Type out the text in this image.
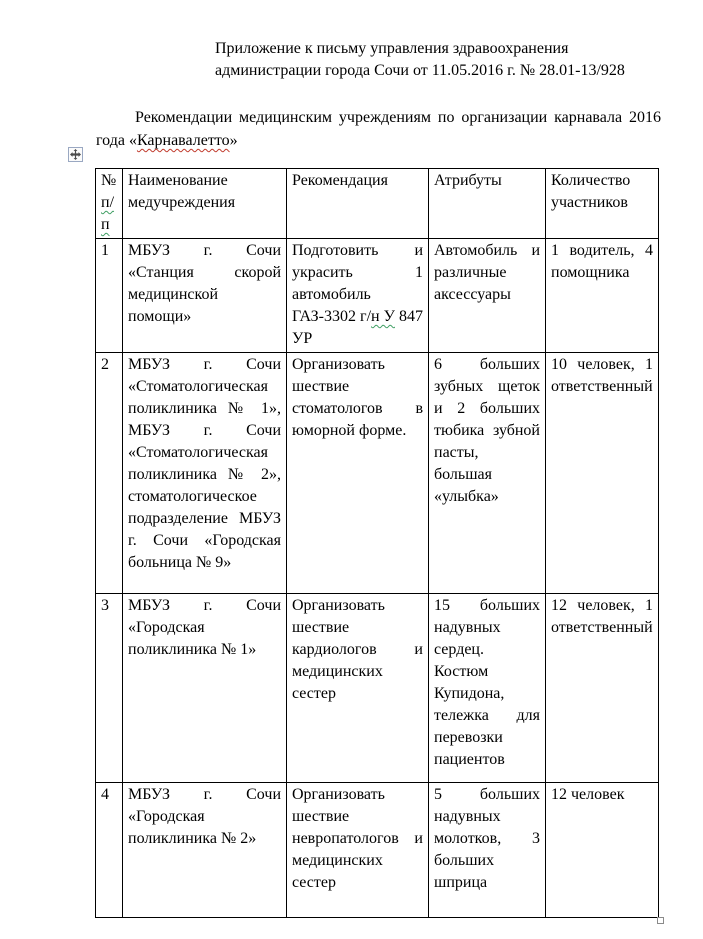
Приложение к письму управления здравоохранения
администрации города Сочи от 11.05.2016 г. № 28.01-13/928

Рекомендации медицинским учреждениям по организации карнавала 2016 года «Карнавалетто»

№ п/п	Наименование медучреждения	Рекомендация	Атрибуты	Количество участников
1	МБУЗ г. Сочи «Станция скорой медицинской помощи»	Подготовить и украсить 1 автомобиль ГАЗ-3302 г/н У 847 УР	Автомобиль и различные аксессуары	1 водитель, 4 помощника
2	МБУЗ г. Сочи «Стоматологическая поликлиника № 1», МБУЗ г. Сочи «Стоматологическая поликлиника № 2», стоматологическое подразделение МБУЗ г. Сочи «Городская больница № 9»	Организовать шествие стоматологов в юморной форме.	6 больших зубных щеток и 2 больших тюбика зубной пасты, большая «улыбка»	10 человек, 1 ответственный
3	МБУЗ г. Сочи «Городская поликлиника № 1»	Организовать шествие кардиологов и медицинских сестер	15 больших надувных сердец. Костюм Купидона, тележка для перевозки пациентов	12 человек, 1 ответственный
4	МБУЗ г. Сочи «Городская поликлиника № 2»	Организовать шествие невропатологов и медицинских сестер	5 больших надувных молотков, 3 больших шприца	12 человек
